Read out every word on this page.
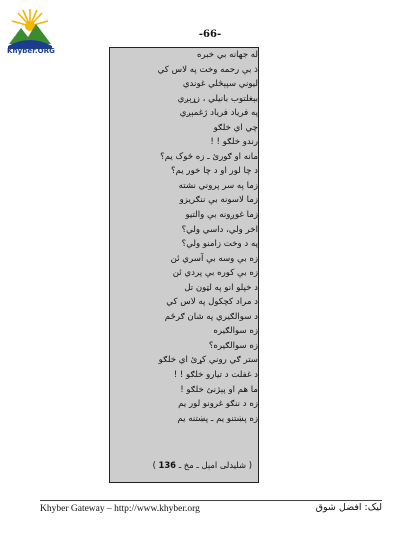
Khyber.ORG
-66-
له جهانه بي خبره
ذ بې رحمه وخت په لاس کي
لیوني سپېڅلي غوندي
بېغلتوب بانيلي ، زړېږي
په فرياد فرياد ژغمېږي
چي اي خلګو
رندو خلګو ! !
مانه او ګورئ ـ زه څوک يم؟
د چا لور او د چا خور يم؟
زما په سر پروني نشته
زما لاسونه بې ننګريزو
زما غوږونه بې والتيو
اخر ولي، داسي ولي؟
په د وخت زامنو ولي؟
زه بې وسه بې آسري ئن
زه بې کوره بې پردي ئن
د خپلو انو په لټون تل
د مراد کچکول په لاس کي
د سوالګيري په شان ګرځم
زه سوالګيره
زه سوالګيره؟
ستر ګي روني کړئ اي خلګو
د غفلت د تيارو خلګو ! !
ما هم او پېژنئ خلګو !
زه د ننګو غرونو لور يم
زه پښتنو يم ـ پښتنه يم
( شليدلی امېل ـ مخ ـ 136 )
Khyber Gateway – http://www.khyber.org	ليک: افضل شوق
